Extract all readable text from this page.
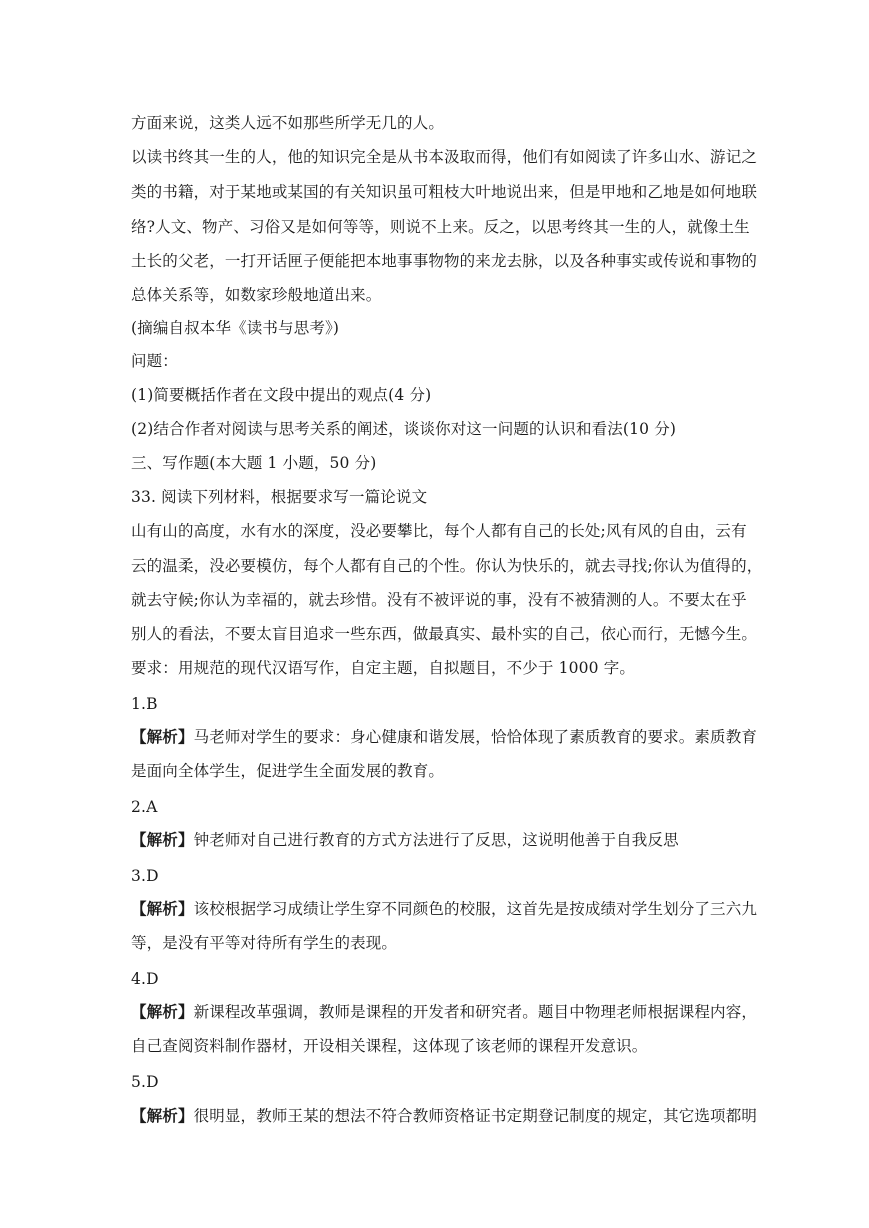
方面来说，这类人远不如那些所学无几的人。
以读书终其一生的人，他的知识完全是从书本汲取而得，他们有如阅读了许多山水、游记之
类的书籍，对于某地或某国的有关知识虽可粗枝大叶地说出来，但是甲地和乙地是如何地联
络?人文、物产、习俗又是如何等等，则说不上来。反之，以思考终其一生的人，就像土生
土长的父老，一打开话匣子便能把本地事事物物的来龙去脉，以及各种事实或传说和事物的
总体关系等，如数家珍般地道出来。
(摘编自叔本华《读书与思考》)
问题：
(1)简要概括作者在文段中提出的观点(4 分)
(2)结合作者对阅读与思考关系的阐述，谈谈你对这一问题的认识和看法(10 分)
三、写作题(本大题 1 小题，50 分)
33. 阅读下列材料，根据要求写一篇论说文
山有山的高度，水有水的深度，没必要攀比，每个人都有自己的长处;风有风的自由，云有
云的温柔，没必要模仿，每个人都有自己的个性。你认为快乐的，就去寻找;你认为值得的，
就去守候;你认为幸福的，就去珍惜。没有不被评说的事，没有不被猜测的人。不要太在乎
别人的看法，不要太盲目追求一些东西，做最真实、最朴实的自己，依心而行，无憾今生。
要求：用规范的现代汉语写作，自定主题，自拟题目，不少于 1000 字。
1.B
【解析】马老师对学生的要求：身心健康和谐发展，恰恰体现了素质教育的要求。素质教育
是面向全体学生，促进学生全面发展的教育。
2.A
【解析】钟老师对自己进行教育的方式方法进行了反思，这说明他善于自我反思
3.D
【解析】该校根据学习成绩让学生穿不同颜色的校服，这首先是按成绩对学生划分了三六九
等，是没有平等对待所有学生的表现。
4.D
【解析】新课程改革强调，教师是课程的开发者和研究者。题目中物理老师根据课程内容，
自己查阅资料制作器材，开设相关课程，这体现了该老师的课程开发意识。
5.D
【解析】很明显，教师王某的想法不符合教师资格证书定期登记制度的规定，其它选项都明
